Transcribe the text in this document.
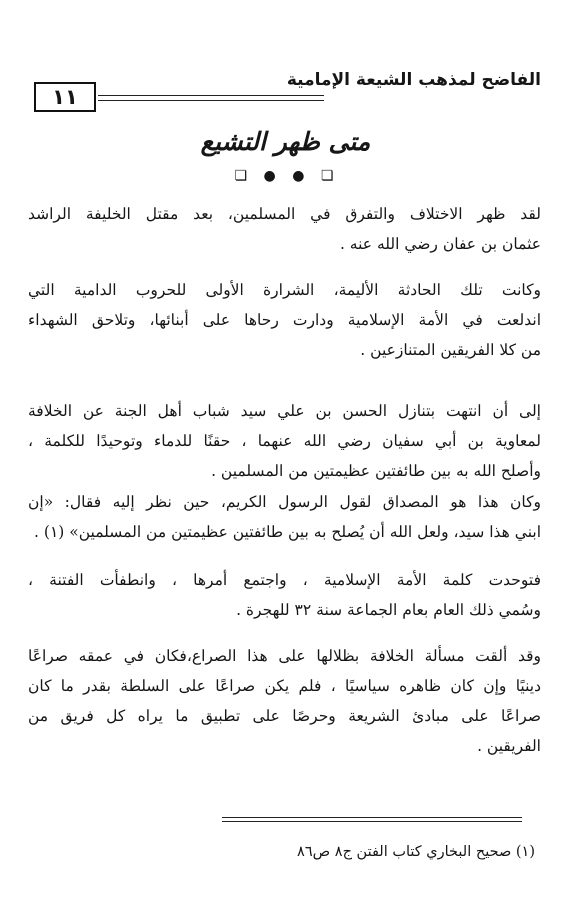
الفاضح لمذهب الشيعة الإمامية
١١
متى ظهر التشيع
❏ ● ● ❏
لقد ظهر الاختلاف والتفرق في المسلمين، بعد مقتل الخليفة الراشد
عثمان بن عفان رضي الله عنه .
وكانت تلك الحادثة الأليمة، الشرارة الأولى للحروب الدامية التي
اندلعت في الأمة الإسلامية ودارت رحاها على أبنائها، وتلاحق الشهداء
من كلا الفريقين المتنازعين .
إلى أن انتهت بتنازل الحسن بن علي سيد شباب أهل الجنة عن الخلافة
لمعاوية بن أبي سفيان رضي الله عنهما ، حقنًا للدماء وتوحيدًا للكلمة ،
وأصلح الله به بين طائفتين عظيمتين من المسلمين .
وكان هذا هو المصداق لقول الرسول الكريم، حين نظر إليه فقال: «إن
ابني هذا سيد، ولعل الله أن يُصلح به بين طائفتين عظيمتين من المسلمين» (١) .
فتوحدت كلمة الأمة الإسلامية ، واجتمع أمرها ، وانطفأت الفتنة ،
وسُمي ذلك العام بعام الجماعة سنة ٣٢ للهجرة .
وقد ألقت مسألة الخلافة بظلالها على هذا الصراع،فكان في عمقه صراعًا
دينيًا وإن كان ظاهره سياسيًا ، فلم يكن صراعًا على السلطة بقدر ما كان
صراعًا على مبادئ الشريعة وحرصًا على تطبيق ما يراه كل فريق من
الفريقين .
(١) صحيح البخاري كتاب الفتن ج٨ ص٨٦
